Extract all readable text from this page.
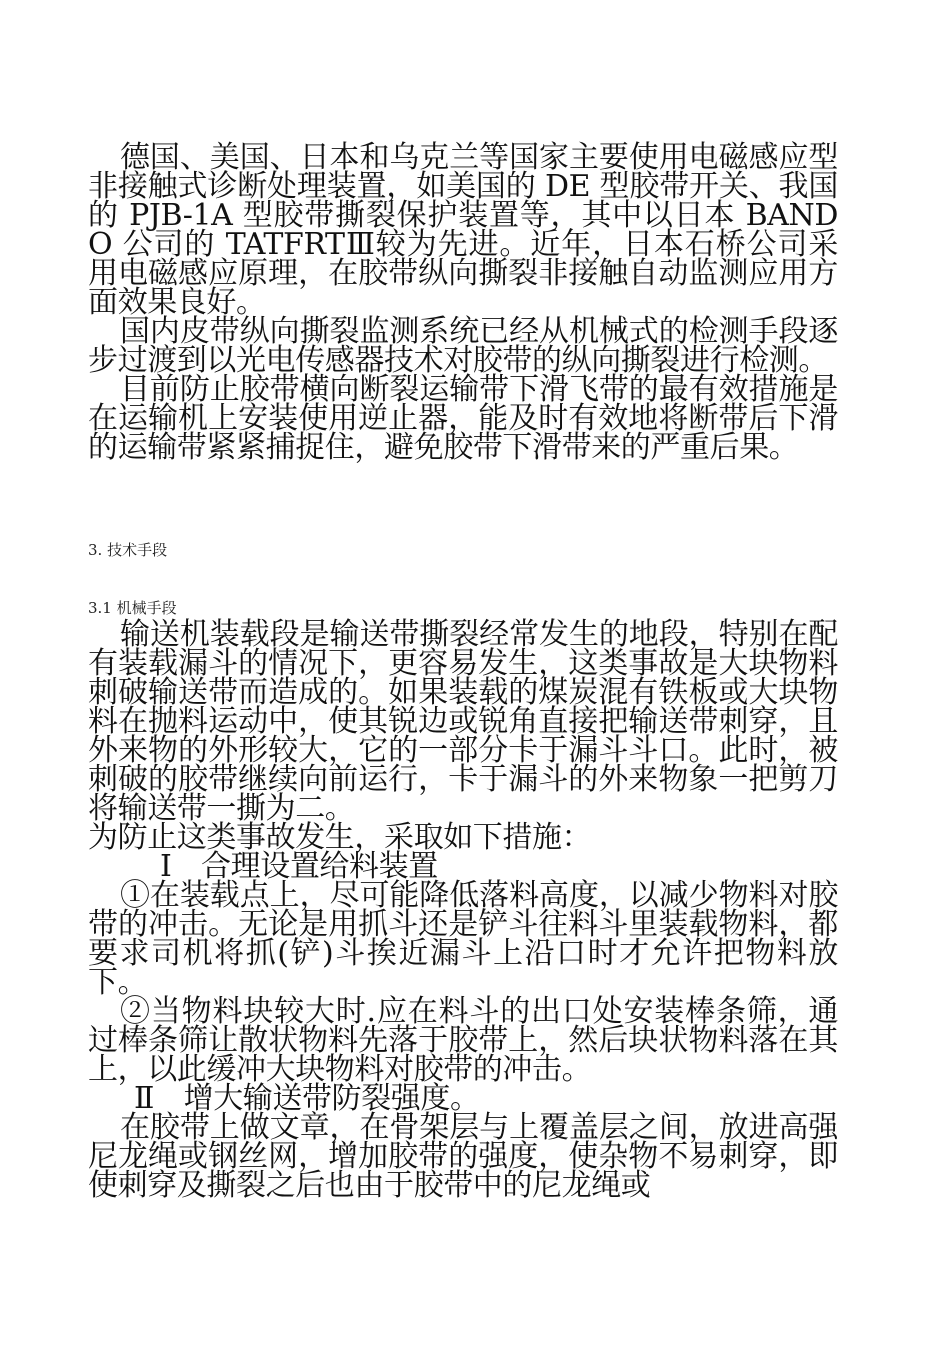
德国、美国、日本和乌克兰等国家主要使用电磁感应型非接触式诊断处理装置，如美国的 DE 型胶带开关、我国的 PJB-1A 型胶带撕裂保护装置等，其中以日本 BANDO 公司的 TATFRTⅢ较为先进。近年，日本石桥公司采用电磁感应原理，在胶带纵向撕裂非接触自动监测应用方面效果良好。

国内皮带纵向撕裂监测系统已经从机械式的检测手段逐步过渡到以光电传感器技术对胶带的纵向撕裂进行检测。

目前防止胶带横向断裂运输带下滑飞带的最有效措施是在运输机上安装使用逆止器，能及时有效地将断带后下滑的运输带紧紧捕捉住，避免胶带下滑带来的严重后果。

3. 技术手段

3.1 机械手段

输送机装载段是输送带撕裂经常发生的地段，特别在配有装载漏斗的情况下，更容易发生，这类事故是大块物料刺破输送带而造成的。如果装载的煤炭混有铁板或大块物料在抛料运动中，使其锐边或锐角直接把输送带刺穿，且外来物的外形较大，它的一部分卡于漏斗斗口。此时，被刺破的胶带继续向前运行，卡于漏斗的外来物象一把剪刀将输送带一撕为二。

为防止这类事故发生，采取如下措施：

Ⅰ　合理设置给料装置

①在装载点上，尽可能降低落料高度，以减少物料对胶带的冲击。无论是用抓斗还是铲斗往料斗里装载物料，都要求司机将抓(铲)斗挨近漏斗上沿口时才允许把物料放下。

②当物料块较大时.应在料斗的出口处安装棒条筛，通过棒条筛让散状物料先落于胶带上，然后块状物料落在其上，以此缓冲大块物料对胶带的冲击。

Ⅱ　增大输送带防裂强度。

在胶带上做文章，在骨架层与上覆盖层之间，放进高强尼龙绳或钢丝网，增加胶带的强度，使杂物不易刺穿，即使刺穿及撕裂之后也由于胶带中的尼龙绳或
